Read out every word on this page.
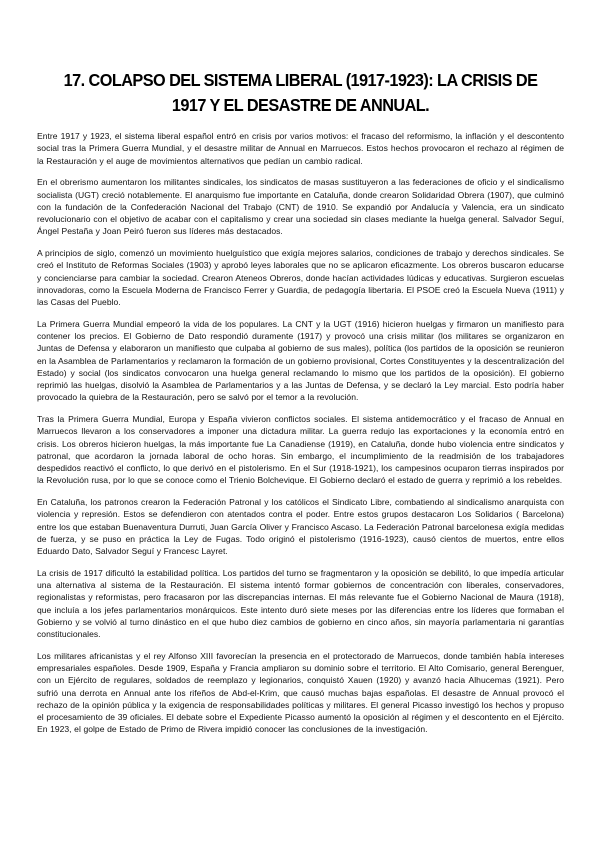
17. COLAPSO DEL SISTEMA LIBERAL (1917-1923): LA CRISIS DE 1917 Y EL DESASTRE DE ANNUAL.

Entre 1917 y 1923, el sistema liberal español entró en crisis por varios motivos: el fracaso del reformismo, la inflación y el descontento social tras la Primera Guerra Mundial, y el desastre militar de Annual en Marruecos. Estos hechos provocaron el rechazo al régimen de la Restauración y el auge de movimientos alternativos que pedían un cambio radical.

En el obrerismo aumentaron los militantes sindicales, los sindicatos de masas sustituyeron a las federaciones de oficio y el sindicalismo socialista (UGT) creció notablemente. El anarquismo fue importante en Cataluña, donde crearon Solidaridad Obrera (1907), que culminó con la fundación de la Confederación Nacional del Trabajo (CNT) de 1910. Se expandió por Andalucía y Valencia, era un sindicato revolucionario con el objetivo de acabar con el capitalismo y crear una sociedad sin clases mediante la huelga general. Salvador Seguí, Ángel Pestaña y Joan Peiró fueron sus líderes más destacados.

A principios de siglo, comenzó un movimiento huelguístico que exigía mejores salarios, condiciones de trabajo y derechos sindicales. Se creó el Instituto de Reformas Sociales (1903) y aprobó leyes laborales que no se aplicaron eficazmente. Los obreros buscaron educarse y concienciarse para cambiar la sociedad. Crearon Ateneos Obreros, donde hacían actividades lúdicas y educativas. Surgieron escuelas innovadoras, como la Escuela Moderna de Francisco Ferrer y Guardia, de pedagogía libertaria. El PSOE creó la Escuela Nueva (1911) y las Casas del Pueblo.

La Primera Guerra Mundial empeoró la vida de los populares. La CNT y la UGT (1916) hicieron huelgas y firmaron un manifiesto para contener los precios. El Gobierno de Dato respondió duramente (1917) y provocó una crisis militar (los militares se organizaron en Juntas de Defensa y elaboraron un manifiesto que culpaba al gobierno de sus males), política (los partidos de la oposición se reunieron en la Asamblea de Parlamentarios y reclamaron la formación de un gobierno provisional, Cortes Constituyentes y la descentralización del Estado) y social (los sindicatos convocaron una huelga general reclamando lo mismo que los partidos de la oposición). El gobierno reprimió las huelgas, disolvió la Asamblea de Parlamentarios y a las Juntas de Defensa, y se declaró la Ley marcial. Esto podría haber provocado la quiebra de la Restauración, pero se salvó por el temor a la revolución.

Tras la Primera Guerra Mundial, Europa y España vivieron conflictos sociales. El sistema antidemocrático y el fracaso de Annual en Marruecos llevaron a los conservadores a imponer una dictadura militar. La guerra redujo las exportaciones y la economía entró en crisis. Los obreros hicieron huelgas, la más importante fue La Canadiense (1919), en Cataluña, donde hubo violencia entre sindicatos y patronal, que acordaron la jornada laboral de ocho horas. Sin embargo, el incumplimiento de la readmisión de los trabajadores despedidos reactivó el conflicto, lo que derivó en el pistolerismo. En el Sur (1918-1921), los campesinos ocuparon tierras inspirados por la Revolución rusa, por lo que se conoce como el Trienio Bolchevique. El Gobierno declaró el estado de guerra y reprimió a los rebeldes.

En Cataluña, los patronos crearon la Federación Patronal y los católicos el Sindicato Libre, combatiendo al sindicalismo anarquista con violencia y represión. Estos se defendieron con atentados contra el poder. Entre estos grupos destacaron Los Solidarios ( Barcelona) entre los que estaban Buenaventura Durruti, Juan García Oliver y Francisco Ascaso. La Federación Patronal barcelonesa exigía medidas de fuerza, y se puso en práctica la Ley de Fugas. Todo originó el pistolerismo (1916-1923), causó cientos de muertos, entre ellos Eduardo Dato, Salvador Seguí y Francesc Layret.

La crisis de 1917 dificultó la estabilidad política. Los partidos del turno se fragmentaron y la oposición se debilitó, lo que impedía articular una alternativa al sistema de la Restauración. El sistema intentó formar gobiernos de concentración con liberales, conservadores, regionalistas y reformistas, pero fracasaron por las discrepancias internas. El más relevante fue el Gobierno Nacional de Maura (1918), que incluía a los jefes parlamentarios monárquicos. Este intento duró siete meses por las diferencias entre los líderes que formaban el Gobierno y se volvió al turno dinástico en el que hubo diez cambios de gobierno en cinco años, sin mayoría parlamentaria ni garantías constitucionales.

Los militares africanistas y el rey Alfonso XIII favorecían la presencia en el protectorado de Marruecos, donde también había intereses empresariales españoles. Desde 1909, España y Francia ampliaron su dominio sobre el territorio. El Alto Comisario, general Berenguer, con un Ejército de regulares, soldados de reemplazo y legionarios, conquistó Xauen (1920) y avanzó hacia Alhucemas (1921). Pero sufrió una derrota en Annual ante los rifeños de Abd-el-Krim, que causó muchas bajas españolas. El desastre de Annual provocó el rechazo de la opinión pública y la exigencia de responsabilidades políticas y militares. El general Picasso investigó los hechos y propuso el procesamiento de 39 oficiales. El debate sobre el Expediente Picasso aumentó la oposición al régimen y el descontento en el Ejército. En 1923, el golpe de Estado de Primo de Rivera impidió conocer las conclusiones de la investigación.
